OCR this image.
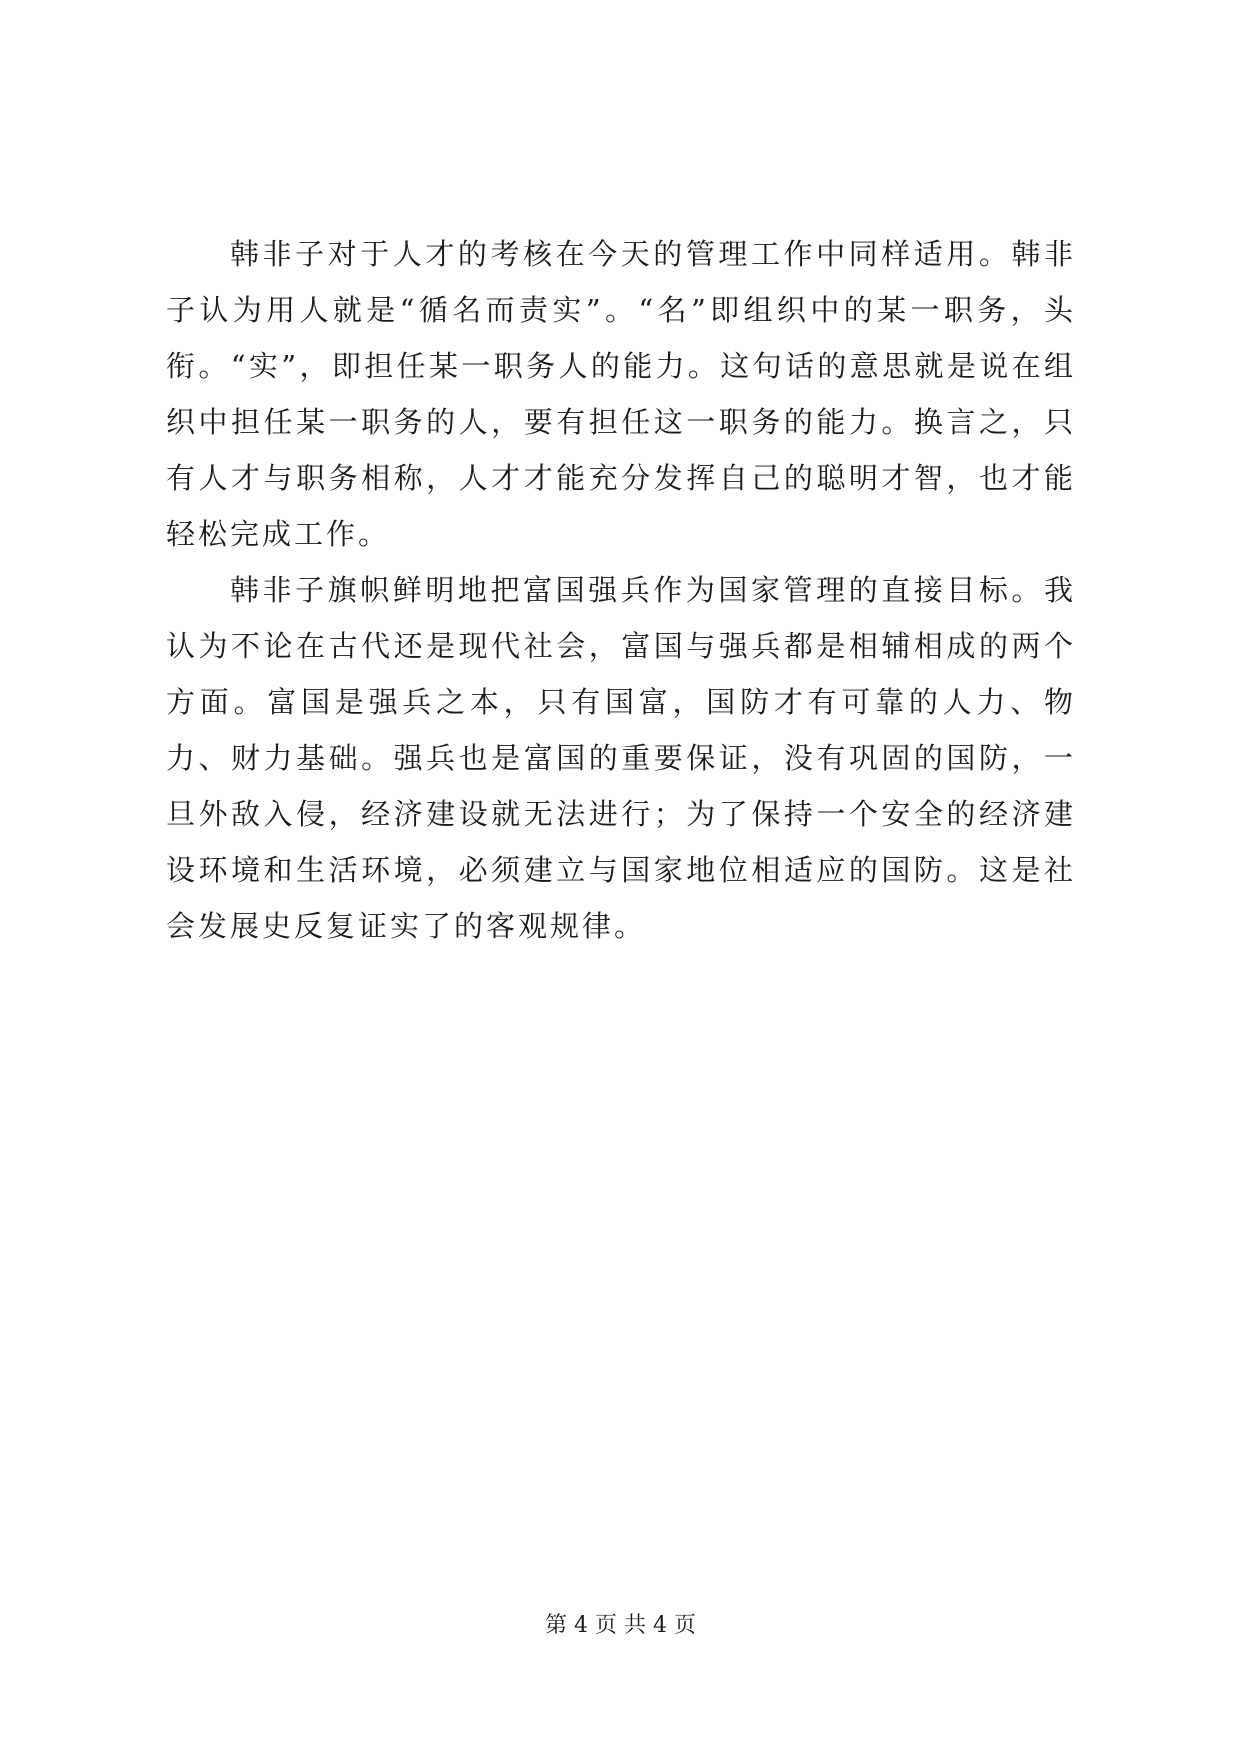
韩非子对于人才的考核在今天的管理工作中同样适用。韩非子认为用人就是“循名而责实”。“名”即组织中的某一职务，头衔。“实”，即担任某一职务人的能力。这句话的意思就是说在组织中担任某一职务的人，要有担任这一职务的能力。换言之，只有人才与职务相称，人才才能充分发挥自己的聪明才智，也才能轻松完成工作。

韩非子旗帜鲜明地把富国强兵作为国家管理的直接目标。我认为不论在古代还是现代社会，富国与强兵都是相辅相成的两个方面。富国是强兵之本，只有国富，国防才有可靠的人力、物力、财力基础。强兵也是富国的重要保证，没有巩固的国防，一旦外敌入侵，经济建设就无法进行；为了保持一个安全的经济建设环境和生活环境，必须建立与国家地位相适应的国防。这是社会发展史反复证实了的客观规律。

第 4 页 共 4 页
